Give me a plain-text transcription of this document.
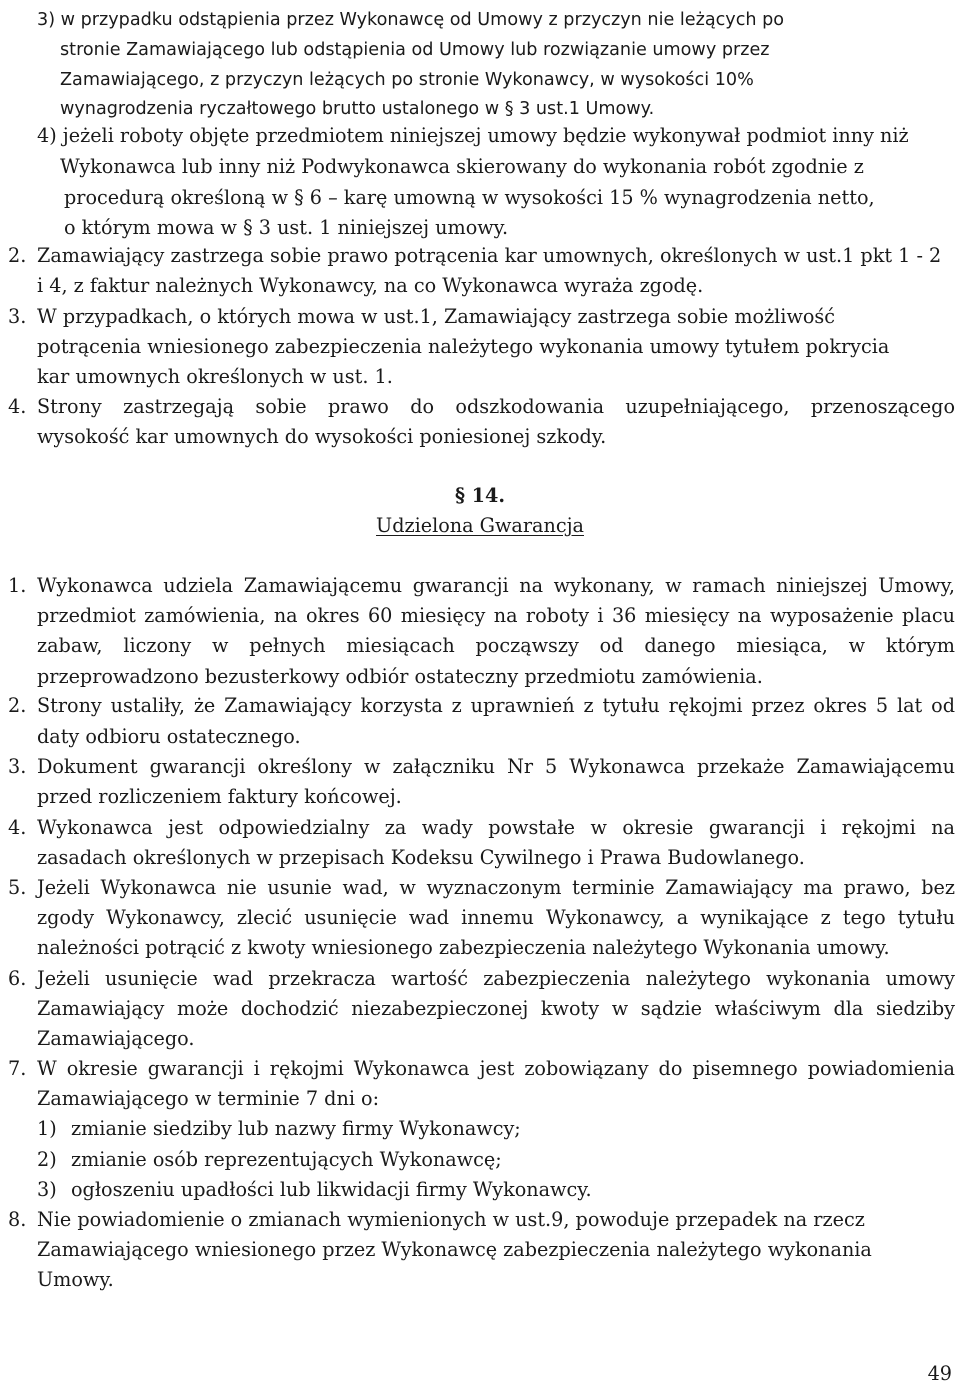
3) w przypadku odstąpienia przez Wykonawcę od Umowy z przyczyn nie leżących po
stronie Zamawiającego lub odstąpienia od Umowy lub rozwiązanie umowy przez
Zamawiającego, z przyczyn leżących po stronie Wykonawcy, w wysokości 10%
wynagrodzenia ryczałtowego brutto ustalonego w § 3 ust.1 Umowy.
4) jeżeli roboty objęte przedmiotem niniejszej umowy będzie wykonywał podmiot inny niż
Wykonawca lub inny niż Podwykonawca skierowany do wykonania robót zgodnie z
procedurą określoną w § 6 – karę umowną w wysokości 15 % wynagrodzenia netto,
o którym mowa w § 3 ust. 1 niniejszej umowy.
2. Zamawiający zastrzega sobie prawo potrącenia kar umownych, określonych w ust.1 pkt 1 - 2
i 4, z faktur należnych Wykonawcy, na co Wykonawca wyraża zgodę.
3. W przypadkach, o których mowa w ust.1, Zamawiający zastrzega sobie możliwość
potrącenia wniesionego zabezpieczenia należytego wykonania umowy tytułem pokrycia
kar umownych określonych w ust. 1.
4. Strony zastrzegają sobie prawo do odszkodowania uzupełniającego, przenoszącego
wysokość kar umownych do wysokości poniesionej szkody.
§ 14.
Udzielona Gwarancja
1. Wykonawca udziela Zamawiającemu gwarancji na wykonany, w ramach niniejszej Umowy,
przedmiot zamówienia, na okres 60 miesięcy na roboty i 36 miesięcy na wyposażenie placu
zabaw, liczony w pełnych miesiącach począwszy od danego miesiąca, w którym
przeprowadzono bezusterkowy odbiór ostateczny przedmiotu zamówienia.
2. Strony ustaliły, że Zamawiający korzysta z uprawnień z tytułu rękojmi przez okres 5 lat od
daty odbioru ostatecznego.
3. Dokument gwarancji określony w załączniku Nr 5 Wykonawca przekaże Zamawiającemu
przed rozliczeniem faktury końcowej.
4. Wykonawca jest odpowiedzialny za wady powstałe w okresie gwarancji i rękojmi na
zasadach określonych w przepisach Kodeksu Cywilnego i Prawa Budowlanego.
5. Jeżeli Wykonawca nie usunie wad, w wyznaczonym terminie Zamawiający ma prawo, bez
zgody Wykonawcy, zlecić usunięcie wad innemu Wykonawcy, a wynikające z tego tytułu
należności potrącić z kwoty wniesionego zabezpieczenia należytego Wykonania umowy.
6. Jeżeli usunięcie wad przekracza wartość zabezpieczenia należytego wykonania umowy
Zamawiający może dochodzić niezabezpieczonej kwoty w sądzie właściwym dla siedziby
Zamawiającego.
7. W okresie gwarancji i rękojmi Wykonawca jest zobowiązany do pisemnego powiadomienia
Zamawiającego w terminie 7 dni o:
1) zmianie siedziby lub nazwy firmy Wykonawcy;
2) zmianie osób reprezentujących Wykonawcę;
3) ogłoszeniu upadłości lub likwidacji firmy Wykonawcy.
8. Nie powiadomienie o zmianach wymienionych w ust.9, powoduje przepadek na rzecz
Zamawiającego wniesionego przez Wykonawcę zabezpieczenia należytego wykonania
Umowy.
49
